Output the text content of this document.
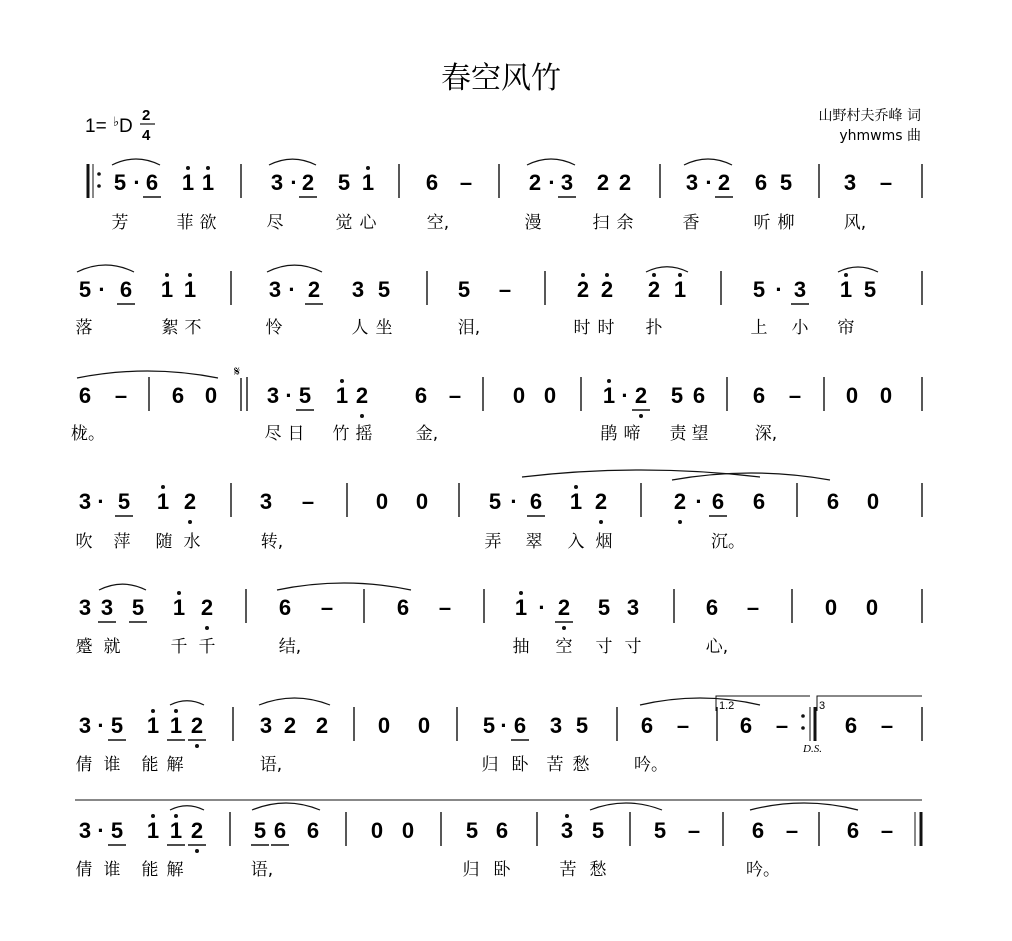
春空风竹
1= ♭ D
2
4
山野村夫乔峰 词
yhmwms 曲
𝄋
1.2	3
D.S.
5 · 6 1 1	3 · 2 5 1 6 –	2 · 3 2 2 3 · 2 6 5 3 –
芳	菲 欲	尽	觉 心	空,	漫	扫 余	香	听 柳	风,
5 · 6 1 1	3 · 2 3 5	5 –	2 2 2 1	5 · 3 1 5
落	絮 不	怜	人 坐	泪,	时 时 扑	上 小 帘
6 – 6 0 3 · 5 1 2 6 – 0 0 1 · 2 5 6 6 – 0 0
栊。	尽 日 竹 摇	金,	鹃 啼 责 望	深,
3 · 5 1 2	3 –	0 0	5 · 6 1 2	2 · 6 6	6 0
吹 萍 随 水	转,	弄 翠 入 烟	沉。
3 3 5 1 2	6 –	6 –	1 · 2 5 3	6 –	0 0
蹙 就	千 千	结,	抽 空 寸 寸	心,
3 · 5 1 1 2	3 2 2 0 0 5 · 6 3 5 6 – 6 –	6 –
倩 谁 能 解	语,	归 卧 苦 愁	吟。
3 · 5 1 1 2 5 6 6 0 0 5 6 3 5 5 – 6 – 6 –
倩 谁 能 解	语,	归 卧	苦 愁	吟。
